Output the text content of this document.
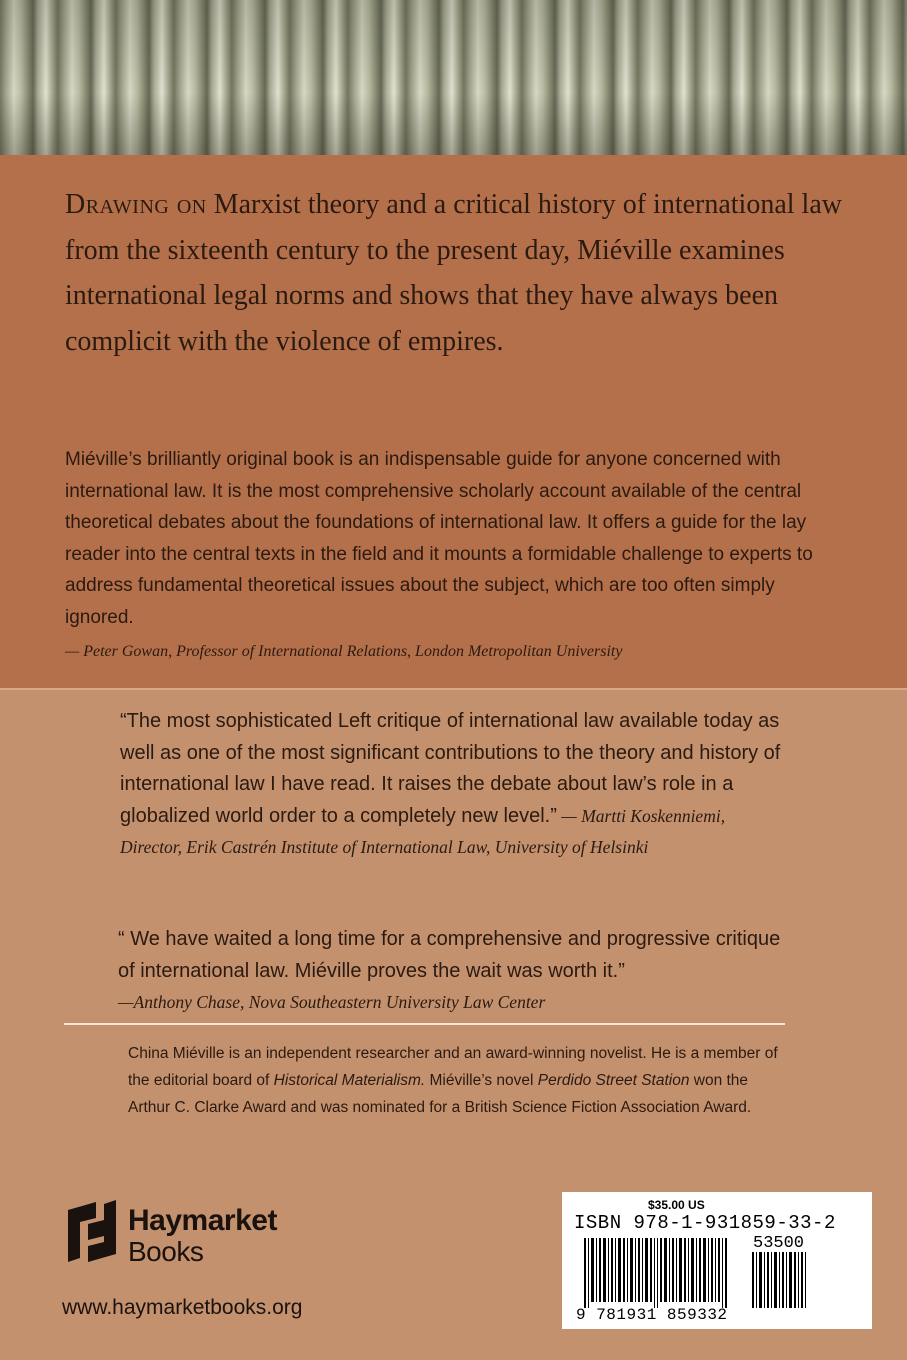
Drawing on Marxist theory and a critical history of international law from the sixteenth century to the present day, Miéville examines international legal norms and shows that they have always been complicit with the violence of empires.

Miéville’s brilliantly original book is an indispensable guide for anyone concerned with international law. It is the most comprehensive scholarly account available of the central theoretical debates about the foundations of international law. It offers a guide for the lay reader into the central texts in the field and it mounts a formidable challenge to experts to address fundamental theoretical issues about the subject, which are too often simply ignored.

— Peter Gowan, Professor of International Relations, London Metropolitan University

“The most sophisticated Left critique of international law available today as well as one of the most significant contributions to the theory and history of international law I have read. It raises the debate about law’s role in a globalized world order to a completely new level.” — Martti Koskenniemi, Director, Erik Castrén Institute of International Law, University of Helsinki

“ We have waited a long time for a comprehensive and progressive critique of international law. Miéville proves the wait was worth it.”
—Anthony Chase, Nova Southeastern University Law Center

China Miéville is an independent researcher and an award-winning novelist. He is a member of the editorial board of Historical Materialism. Miéville’s novel Perdido Street Station won the Arthur C. Clarke Award and was nominated for a British Science Fiction Association Award.

Haymarket
Books
www.haymarketbooks.org
$35.00 US
ISBN 978-1-931859-33-2
53500
9 781931 859332
